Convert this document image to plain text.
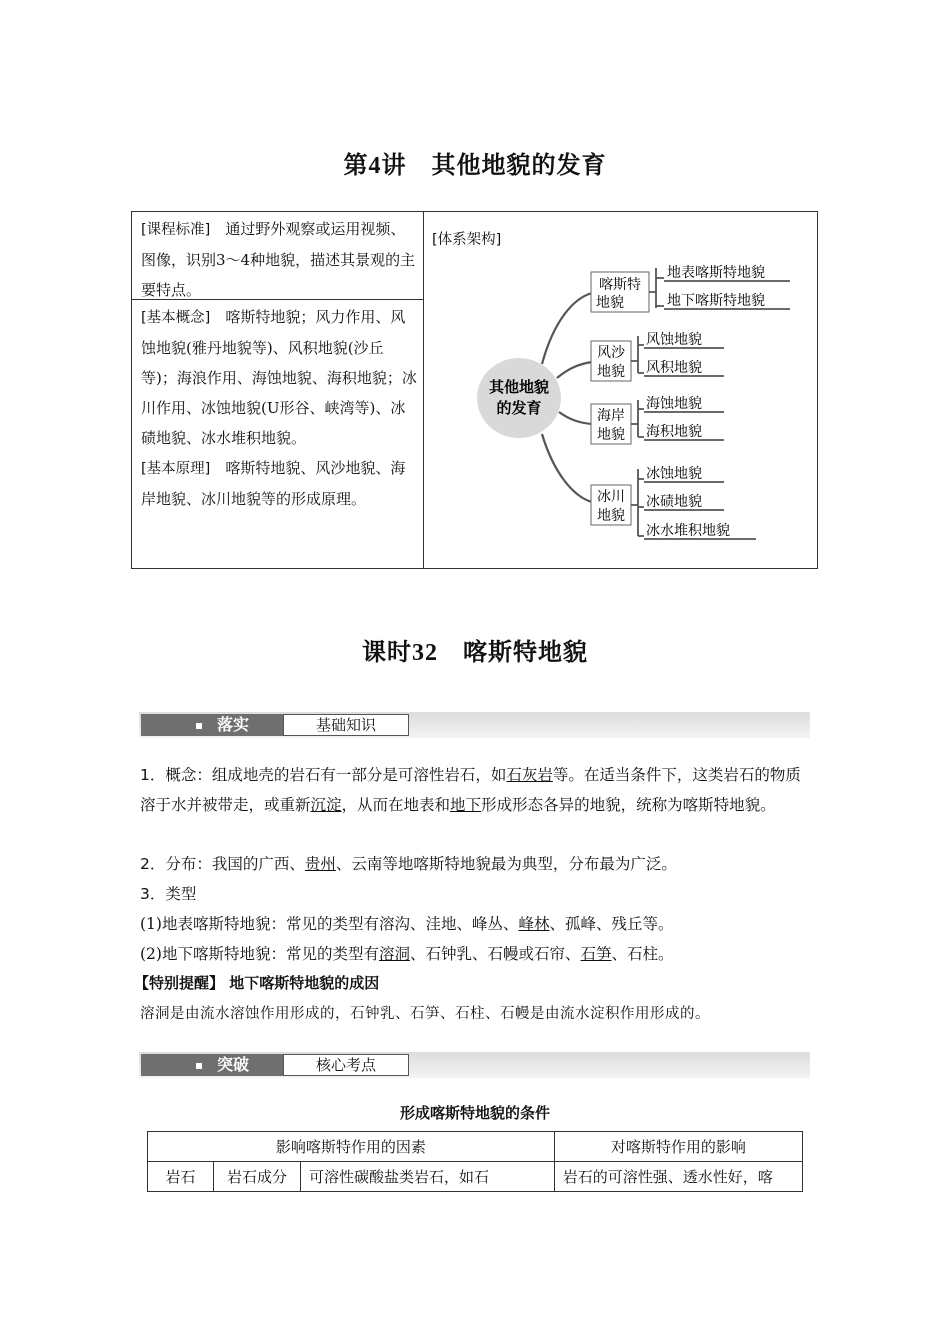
第4讲　其他地貌的发育
[课程标准]　通过野外观察或运用视频、图像，识别3～4种地貌，描述其景观的主要特点。
[基本概念]　喀斯特地貌；风力作用、风蚀地貌(雅丹地貌等)、风积地貌(沙丘等)；海浪作用、海蚀地貌、海积地貌；冰川作用、冰蚀地貌(U形谷、峡湾等)、冰碛地貌、冰水堆积地貌。
[基本原理]　喀斯特地貌、风沙地貌、海岸地貌、冰川地貌等的形成原理。
[体系架构]
其他地貌
的发育
喀斯特
地貌
风沙
地貌
海岸
地貌
冰川
地貌
地表喀斯特地貌
地下喀斯特地貌
风蚀地貌
风积地貌
海蚀地貌
海积地貌
冰蚀地貌
冰碛地貌
冰水堆积地貌
课时32　喀斯特地貌
落实	基础知识
1．概念：组成地壳的岩石有一部分是可溶性岩石，如石灰岩等。在适当条件下，这类岩石的物质溶于水并被带走，或重新沉淀，从而在地表和地下形成形态各异的地貌，统称为喀斯特地貌。
2．分布：我国的广西、贵州、云南等地喀斯特地貌最为典型，分布最为广泛。
3．类型
(1)地表喀斯特地貌：常见的类型有溶沟、洼地、峰丛、峰林、孤峰、残丘等。
(2)地下喀斯特地貌：常见的类型有溶洞、石钟乳、石幔或石帘、石笋、石柱。
【特别提醒】 地下喀斯特地貌的成因
溶洞是由流水溶蚀作用形成的，石钟乳、石笋、石柱、石幔是由流水淀积作用形成的。
突破	核心考点
形成喀斯特地貌的条件
影响喀斯特作用的因素			对喀斯特作用的影响
岩石	岩石成分	可溶性碳酸盐类岩石，如石	岩石的可溶性强、透水性好，喀
